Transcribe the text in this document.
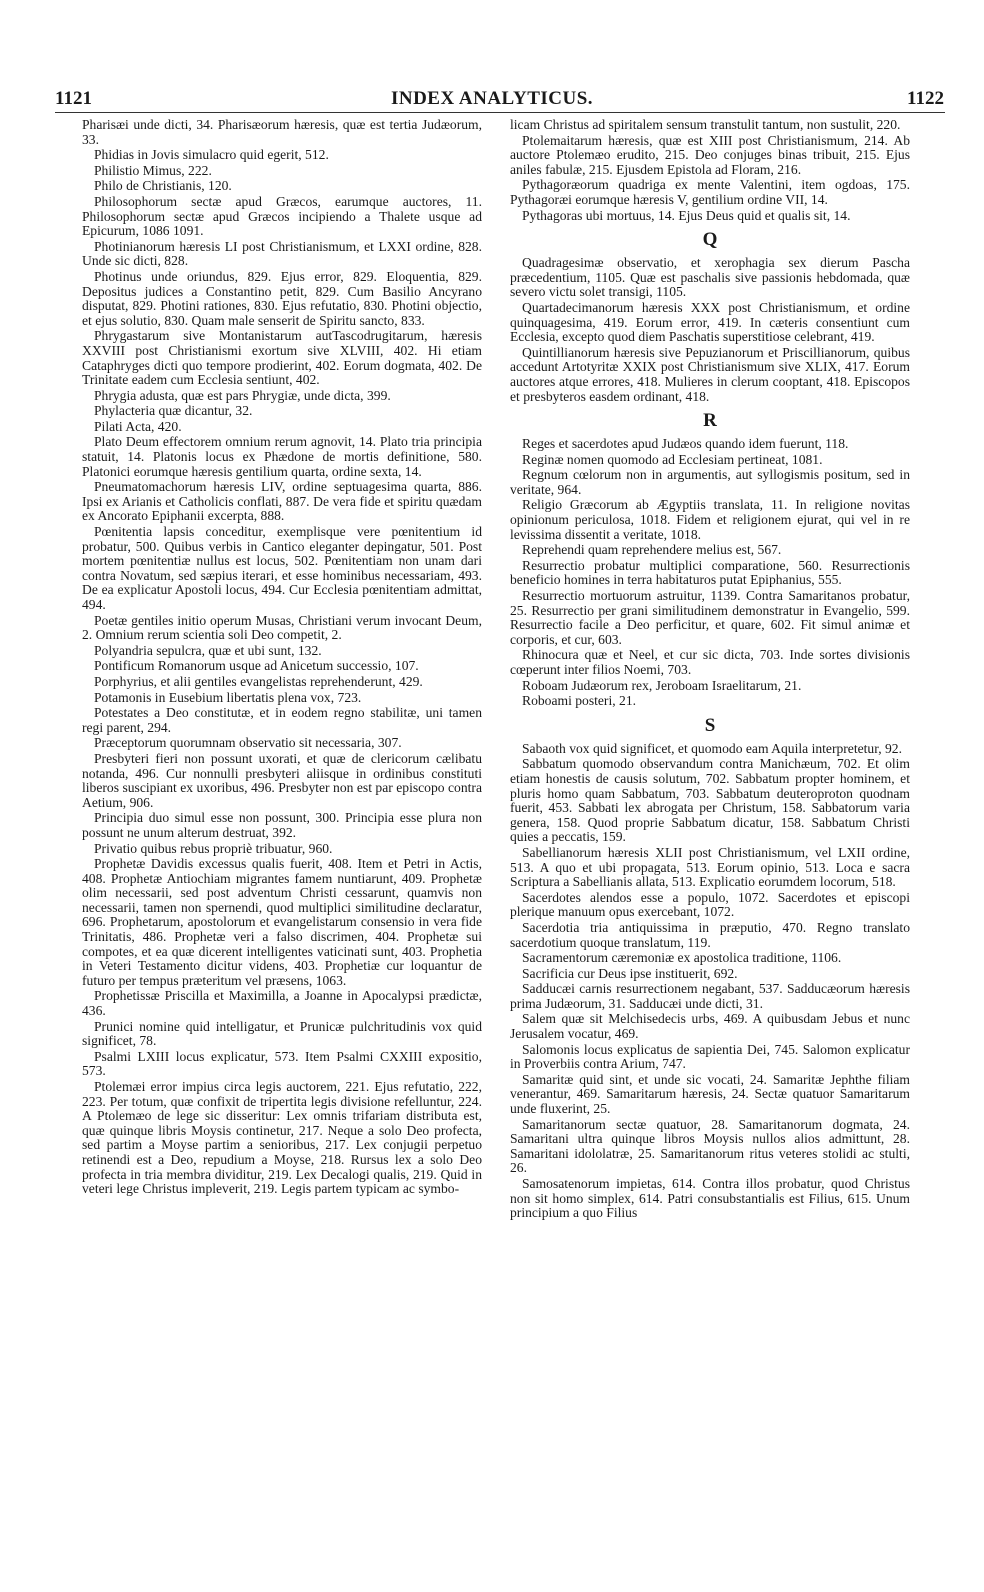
1121	INDEX ANALYTICUS.	1122

Pharisæi unde dicti, 34. Pharisæorum hæresis, quæ est tertia Judæorum, 33.

Phidias in Jovis simulacro quid egerit, 512.

Philistio Mimus, 222.

Philo de Christianis, 120.

Philosophorum sectæ apud Græcos, earumque auctores, 11. Philosophorum sectæ apud Græcos incipiendo a Thalete usque ad Epicurum, 1086 1091.

Photinianorum hæresis LI post Christianismum, et LXXI ordine, 828. Unde sic dicti, 828.

Photinus unde oriundus, 829. Ejus error, 829. Eloquentia, 829. Depositus judices a Constantino petit, 829. Cum Basilio Ancyrano disputat, 829. Photini rationes, 830. Ejus refutatio, 830. Photini objectio, et ejus solutio, 830. Quam male senserit de Spiritu sancto, 833.

Phrygastarum sive Montanistarum autTascodrugitarum, hæresis XXVIII post Christianismi exortum sive XLVIII, 402. Hi etiam Cataphryges dicti quo tempore prodierint, 402. Eorum dogmata, 402. De Trinitate eadem cum Ecclesia sentiunt, 402.

Phrygia adusta, quæ est pars Phrygiæ, unde dicta, 399.

Phylacteria quæ dicantur, 32.

Pilati Acta, 420.

Plato Deum effectorem omnium rerum agnovit, 14. Plato tria principia statuit, 14. Platonis locus ex Phædone de mortis definitione, 580. Platonici eorumque hæresis gentilium quarta, ordine sexta, 14.

Pneumatomachorum hæresis LIV, ordine septuagesima quarta, 886. Ipsi ex Arianis et Catholicis conflati, 887. De vera fide et spiritu quædam ex Ancorato Epiphanii excerpta, 888.

Pœnitentia lapsis conceditur, exemplisque vere pœnitentium id probatur, 500. Quibus verbis in Cantico eleganter depingatur, 501. Post mortem pœnitentiæ nullus est locus, 502. Pœnitentiam non unam dari contra Novatum, sed sæpius iterari, et esse hominibus necessariam, 493. De ea explicatur Apostoli locus, 494. Cur Ecclesia pœnitentiam admittat, 494.

Poetæ gentiles initio operum Musas, Christiani verum invocant Deum, 2. Omnium rerum scientia soli Deo competit, 2.

Polyandria sepulcra, quæ et ubi sunt, 132.

Pontificum Romanorum usque ad Anicetum successio, 107.

Porphyrius, et alii gentiles evangelistas reprehenderunt, 429.

Potamonis in Eusebium libertatis plena vox, 723.

Potestates a Deo constitutæ, et in eodem regno stabilitæ, uni tamen regi parent, 294.

Præceptorum quorumnam observatio sit necessaria, 307.

Presbyteri fieri non possunt uxorati, et quæ de clericorum cælibatu notanda, 496. Cur nonnulli presbyteri aliisque in ordinibus constituti liberos suscipiant ex uxoribus, 496. Presbyter non est par episcopo contra Aetium, 906.

Principia duo simul esse non possunt, 300. Principia esse plura non possunt ne unum alterum destruat, 392.

Privatio quibus rebus propriè tribuatur, 960.

Prophetæ Davidis excessus qualis fuerit, 408. Item et Petri in Actis, 408. Prophetæ Antiochiam migrantes famem nuntiarunt, 409. Prophetæ olim necessarii, sed post adventum Christi cessarunt, quamvis non necessarii, tamen non spernendi, quod multiplici similitudine declaratur, 696. Prophetarum, apostolorum et evangelistarum consensio in vera fide Trinitatis, 486. Prophetæ veri a falso discrimen, 404. Prophetæ sui compotes, et ea quæ dicerent intelligentes vaticinati sunt, 403. Prophetia in Veteri Testamento dicitur videns, 403. Prophetiæ cur loquantur de futuro per tempus præteritum vel præsens, 1063.

Prophetissæ Priscilla et Maximilla, a Joanne in Apocalypsi prædictæ, 436.

Prunici nomine quid intelligatur, et Prunicæ pulchritudinis vox quid significet, 78.

Psalmi LXIII locus explicatur, 573. Item Psalmi CXXIII expositio, 573.

Ptolemæi error impius circa legis auctorem, 221. Ejus refutatio, 222, 223. Per totum, quæ confixit de tripertita legis divisione refelluntur, 224. A Ptolemæo de lege sic disseritur: Lex omnis trifariam distributa est, quæ quinque libris Moysis continetur, 217. Neque a solo Deo profecta, sed partim a Moyse partim a senioribus, 217. Lex conjugii perpetuo retinendi est a Deo, repudium a Moyse, 218. Rursus lex a solo Deo profecta in tria membra dividitur, 219. Lex Decalogi qualis, 219. Quid in veteri lege Christus impleverit, 219. Legis partem typicam ac symbo-

licam Christus ad spiritalem sensum transtulit tantum, non sustulit, 220.

Ptolemaitarum hæresis, quæ est XIII post Christianismum, 214. Ab auctore Ptolemæo erudito, 215. Deo conjuges binas tribuit, 215. Ejus aniles fabulæ, 215. Ejusdem Epistola ad Floram, 216.

Pythagoræorum quadriga ex mente Valentini, item ogdoas, 175. Pythagoræi eorumque hæresis V, gentilium ordine VII, 14.

Pythagoras ubi mortuus, 14. Ejus Deus quid et qualis sit, 14.

Q

Quadragesimæ observatio, et xerophagia sex dierum Pascha præcedentium, 1105. Quæ est paschalis sive passionis hebdomada, quæ severo victu solet transigi, 1105.

Quartadecimanorum hæresis XXX post Christianismum, et ordine quinquagesima, 419. Eorum error, 419. In cæteris consentiunt cum Ecclesia, excepto quod diem Paschatis superstitiose celebrant, 419.

Quintillianorum hæresis sive Pepuzianorum et Priscillianorum, quibus accedunt Artotyritæ XXIX post Christianismum sive XLIX, 417. Eorum auctores atque errores, 418. Mulieres in clerum cooptant, 418. Episcopos et presbyteros easdem ordinant, 418.

R

Reges et sacerdotes apud Judæos quando idem fuerunt, 118.

Reginæ nomen quomodo ad Ecclesiam pertineat, 1081.

Regnum cœlorum non in argumentis, aut syllogismis positum, sed in veritate, 964.

Religio Græcorum ab Ægyptiis translata, 11. In religione novitas opinionum periculosa, 1018. Fidem et religionem ejurat, qui vel in re levissima dissentit a veritate, 1018.

Reprehendi quam reprehendere melius est, 567.

Resurrectio probatur multiplici comparatione, 560. Resurrectionis beneficio homines in terra habitaturos putat Epiphanius, 555.

Resurrectio mortuorum astruitur, 1139. Contra Samaritanos probatur, 25. Resurrectio per grani similitudinem demonstratur in Evangelio, 599. Resurrectio facile a Deo perficitur, et quare, 602. Fit simul animæ et corporis, et cur, 603.

Rhinocura quæ et Neel, et cur sic dicta, 703. Inde sortes divisionis cœperunt inter filios Noemi, 703.

Roboam Judæorum rex, Jeroboam Israelitarum, 21.

Roboami posteri, 21.

S

Sabaoth vox quid significet, et quomodo eam Aquila interpretetur, 92.

Sabbatum quomodo observandum contra Manichæum, 702. Et olim etiam honestis de causis solutum, 702. Sabbatum propter hominem, et pluris homo quam Sabbatum, 703. Sabbatum deuteroproton quodnam fuerit, 453. Sabbati lex abrogata per Christum, 158. Sabbatorum varia genera, 158. Quod proprie Sabbatum dicatur, 158. Sabbatum Christi quies a peccatis, 159.

Sabellianorum hæresis XLII post Christianismum, vel LXII ordine, 513. A quo et ubi propagata, 513. Eorum opinio, 513. Loca e sacra Scriptura a Sabellianis allata, 513. Explicatio eorumdem locorum, 518.

Sacerdotes alendos esse a populo, 1072. Sacerdotes et episcopi plerique manuum opus exercebant, 1072.

Sacerdotia tria antiquissima in præputio, 470. Regno translato sacerdotium quoque translatum, 119.

Sacramentorum cæremoniæ ex apostolica traditione, 1106.

Sacrificia cur Deus ipse instituerit, 692.

Sadducæi carnis resurrectionem negabant, 537. Sadducæorum hæresis prima Judæorum, 31. Sadducæi unde dicti, 31.

Salem quæ sit Melchisedecis urbs, 469. A quibusdam Jebus et nunc Jerusalem vocatur, 469.

Salomonis locus explicatus de sapientia Dei, 745. Salomon explicatur in Proverbiis contra Arium, 747.

Samaritæ quid sint, et unde sic vocati, 24. Samaritæ Jephthe filiam venerantur, 469. Samaritarum hæresis, 24. Sectæ quatuor Samaritarum unde fluxerint, 25.

Samaritanorum sectæ quatuor, 28. Samaritanorum dogmata, 24. Samaritani ultra quinque libros Moysis nullos alios admittunt, 28. Samaritani idololatræ, 25. Samaritanorum ritus veteres stolidi ac stulti, 26.

Samosatenorum impietas, 614. Contra illos probatur, quod Christus non sit homo simplex, 614. Patri consubstantialis est Filius, 615. Unum principium a quo Filius
